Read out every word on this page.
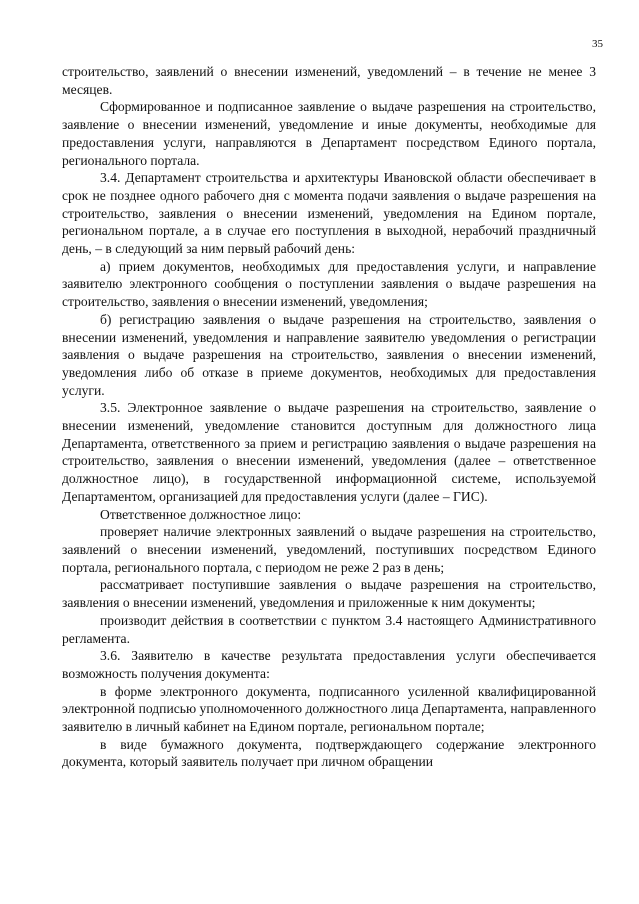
35

строительство, заявлений о внесении изменений, уведомлений – в течение не менее 3 месяцев.

Сформированное и подписанное заявление о выдаче разрешения на строительство, заявление о внесении изменений, уведомление и иные документы, необходимые для предоставления услуги, направляются в Департамент посредством Единого портала, регионального портала.

3.4. Департамент строительства и архитектуры Ивановской области обеспечивает в срок не позднее одного рабочего дня с момента подачи заявления о выдаче разрешения на строительство, заявления о внесении изменений, уведомления на Едином портале, региональном портале, а в случае его поступления в выходной, нерабочий праздничный день, – в следующий за ним первый рабочий день:

а) прием документов, необходимых для предоставления услуги, и направление заявителю электронного сообщения о поступлении заявления о выдаче разрешения на строительство, заявления о внесении изменений, уведомления;

б) регистрацию заявления о выдаче разрешения на строительство, заявления о внесении изменений, уведомления и направление заявителю уведомления о регистрации заявления о выдаче разрешения на строительство, заявления о внесении изменений, уведомления либо об отказе в приеме документов, необходимых для предоставления услуги.

3.5. Электронное заявление о выдаче разрешения на строительство, заявление о внесении изменений, уведомление становится доступным для должностного лица Департамента, ответственного за прием и регистрацию заявления о выдаче разрешения на строительство, заявления о внесении изменений, уведомления (далее – ответственное должностное лицо), в государственной информационной системе, используемой Департаментом, организацией для предоставления услуги (далее – ГИС).

Ответственное должностное лицо:

проверяет наличие электронных заявлений о выдаче разрешения на строительство, заявлений о внесении изменений, уведомлений, поступивших посредством Единого портала, регионального портала, с периодом не реже 2 раз в день;

рассматривает поступившие заявления о выдаче разрешения на строительство, заявления о внесении изменений, уведомления и приложенные к ним документы;

производит действия в соответствии с пунктом 3.4 настоящего Административного регламента.

3.6. Заявителю в качестве результата предоставления услуги обеспечивается возможность получения документа:

в форме электронного документа, подписанного усиленной квалифицированной электронной подписью уполномоченного должностного лица Департамента, направленного заявителю в личный кабинет на Едином портале, региональном портале;

в виде бумажного документа, подтверждающего содержание электронного документа, который заявитель получает при личном обращении
